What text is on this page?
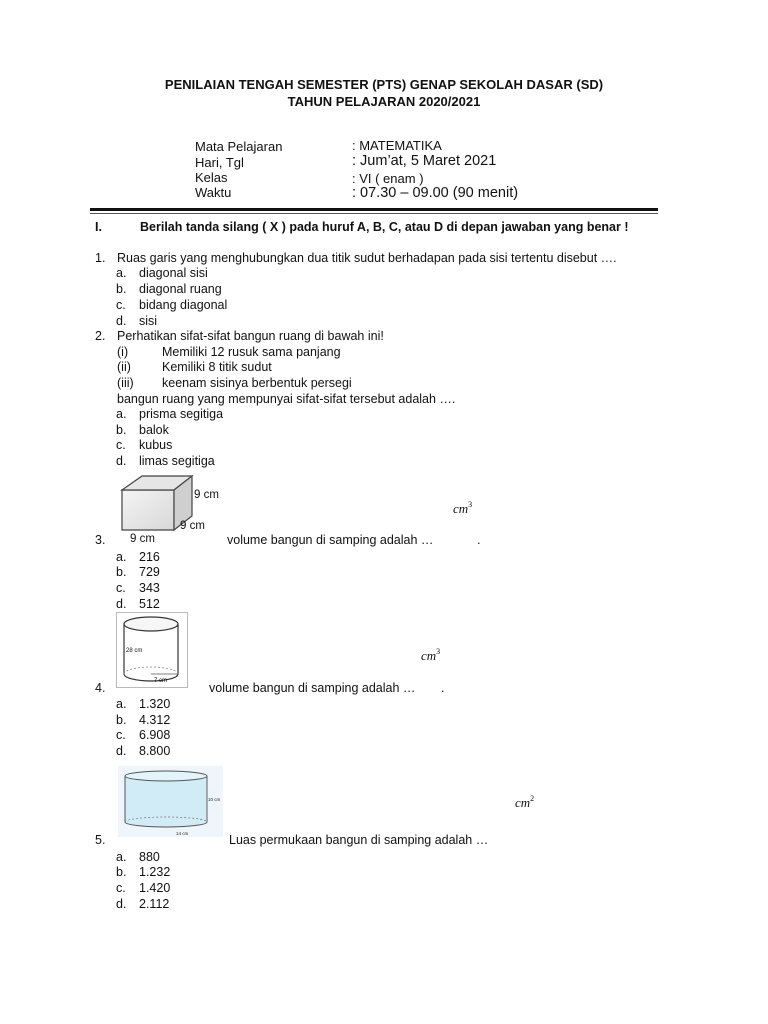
PENILAIAN TENGAH SEMESTER (PTS) GENAP SEKOLAH DASAR (SD)
TAHUN PELAJARAN 2020/2021
Mata Pelajaran	: MATEMATIKA
Hari, Tgl	: Jum’at, 5 Maret 2021
Kelas	: VI ( enam )
Waktu	: 07.30 – 09.00 (90 menit)
I.	Berilah tanda silang ( X ) pada huruf A, B, C, atau D di depan jawaban yang benar !
1. Ruas garis yang menghubungkan dua titik sudut berhadapan pada sisi tertentu disebut ….
a. diagonal sisi
b. diagonal ruang
c. bidang diagonal
d. sisi
2. Perhatikan sifat-sifat bangun ruang di bawah ini!
(i)	Memiliki 12 rusuk sama panjang
(ii) Kemiliki 8 titik sudut
(iii) keenam sisinya berbentuk persegi
bangun ruang yang mempunyai sifat-sifat tersebut adalah ….
a. prisma segitiga
b. balok
c. kubus
d. limas segitiga
9 cm
9 cm
9 cm
$cm^3$
3.	volume bangun di samping adalah …	.
a. 216
b. 729
c. 343
d. 512
28 cm
7 cm
$cm^3$
4.	volume bangun di samping adalah … .
a. 1.320
b. 4.312
c. 6.908
d. 8.800
10 cm
14 cm
$cm^2$
5.	Luas permukaan bangun di samping adalah …
a. 880
b. 1.232
c. 1.420
d. 2.112
